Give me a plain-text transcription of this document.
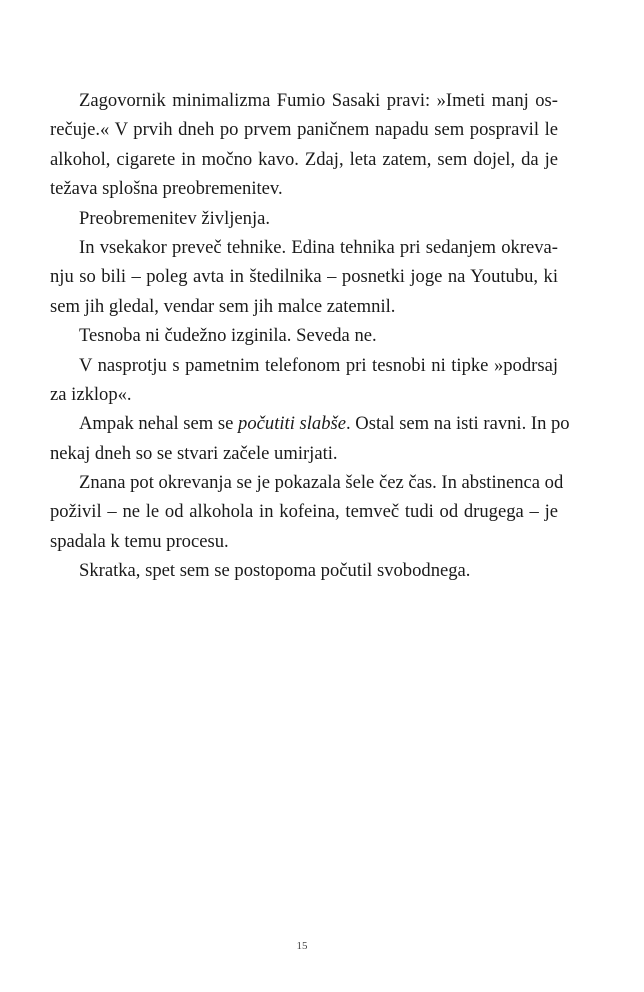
Zagovornik minimalizma Fumio Sasaki pravi: »Imeti manj os-
rečuje.« V prvih dneh po prvem paničnem napadu sem pospravil le
alkohol, cigarete in močno kavo. Zdaj, leta zatem, sem dojel, da je
težava splošna preobremenitev.
Preobremenitev življenja.
In vsekakor preveč tehnike. Edina tehnika pri sedanjem okreva-
nju so bili – poleg avta in štedilnika – posnetki joge na Youtubu, ki
sem jih gledal, vendar sem jih malce zatemnil.
Tesnoba ni čudežno izginila. Seveda ne.
V nasprotju s pametnim telefonom pri tesnobi ni tipke »podrsaj
za izklop«.
Ampak nehal sem se počutiti slabše. Ostal sem na isti ravni. In po
nekaj dneh so se stvari začele umirjati.
Znana pot okrevanja se je pokazala šele čez čas. In abstinenca od
poživil – ne le od alkohola in kofeina, temveč tudi od drugega – je
spadala k temu procesu.
Skratka, spet sem se postopoma počutil svobodnega.
15
